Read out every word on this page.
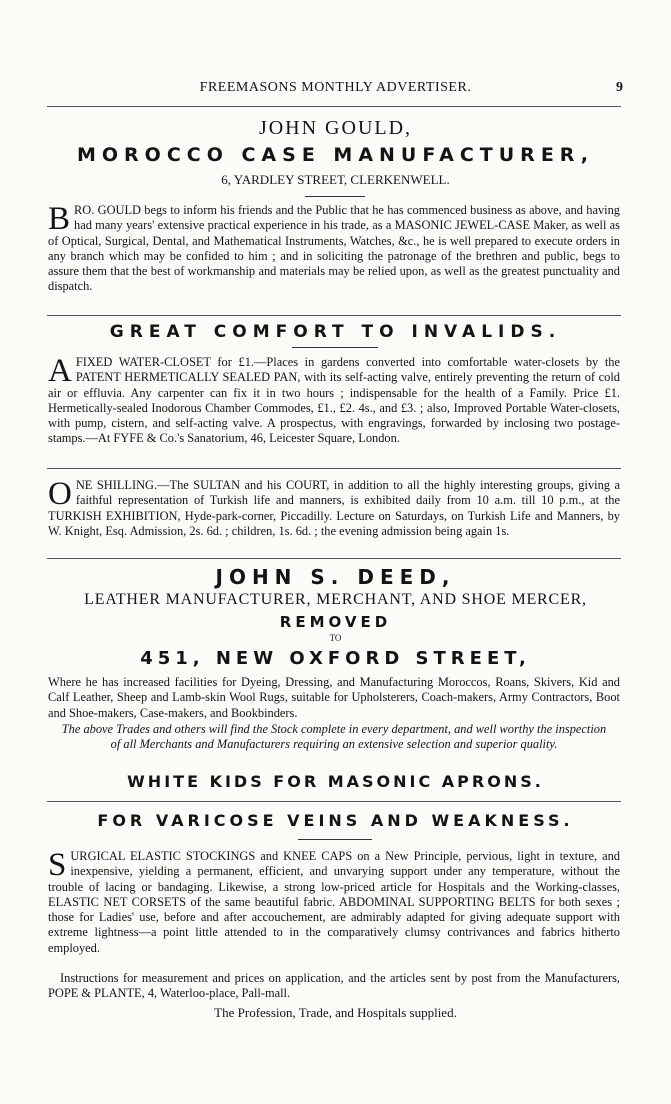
FREEMASONS MONTHLY ADVERTISER.	9
JOHN GOULD,
MOROCCO CASE MANUFACTURER,
6, YARDLEY STREET, CLERKENWELL.
BRO. GOULD begs to inform his friends and the Public that he has commenced business as above, and having had many years' extensive practical experience in his trade, as a MASONIC JEWEL-CASE Maker, as well as of Optical, Surgical, Dental, and Mathematical Instruments, Watches, &c., he is well prepared to execute orders in any branch which may be confided to him ; and in soliciting the patronage of the brethren and public, begs to assure them that the best of workmanship and materials may be relied upon, as well as the greatest punctuality and dispatch.
GREAT COMFORT TO INVALIDS.
AFIXED WATER-CLOSET for £1.—Places in gardens converted into comfortable water-closets by the PATENT HERMETICALLY SEALED PAN, with its self-acting valve, entirely preventing the return of cold air or effluvia. Any carpenter can fix it in two hours ; indispensable for the health of a Family. Price £1. Hermetically-sealed Inodorous Chamber Commodes, £1., £2. 4s., and £3. ; also, Improved Portable Water-closets, with pump, cistern, and self-acting valve. A prospectus, with engravings, forwarded by inclosing two postage-stamps.—At FYFE & Co.'s Sanatorium, 46, Leicester Square, London.
ONE SHILLING.—The SULTAN and his COURT, in addition to all the highly interesting groups, giving a faithful representation of Turkish life and manners, is exhibited daily from 10 a.m. till 10 p.m., at the TURKISH EXHIBITION, Hyde-park-corner, Piccadilly. Lecture on Saturdays, on Turkish Life and Manners, by W. Knight, Esq. Admission, 2s. 6d. ; children, 1s. 6d. ; the evening admission being again 1s.
JOHN S. DEED,
LEATHER MANUFACTURER, MERCHANT, AND SHOE MERCER,
REMOVED
TO
451, NEW OXFORD STREET,
Where he has increased facilities for Dyeing, Dressing, and Manufacturing Moroccos, Roans, Skivers, Kid and Calf Leather, Sheep and Lamb-skin Wool Rugs, suitable for Upholsterers, Coach-makers, Army Contractors, Boot and Shoe-makers, Case-makers, and Bookbinders.
The above Trades and others will find the Stock complete in every department, and well worthy the inspection of all Merchants and Manufacturers requiring an extensive selection and superior quality.
WHITE KIDS FOR MASONIC APRONS.
FOR VARICOSE VEINS AND WEAKNESS.
SURGICAL ELASTIC STOCKINGS and KNEE CAPS on a New Principle, pervious, light in texture, and inexpensive, yielding a permanent, efficient, and unvarying support under any temperature, without the trouble of lacing or bandaging. Likewise, a strong low-priced article for Hospitals and the Working-classes, ELASTIC NET CORSETS of the same beautiful fabric. ABDOMINAL SUPPORTING BELTS for both sexes ; those for Ladies' use, before and after accouchement, are admirably adapted for giving adequate support with extreme lightness—a point little attended to in the comparatively clumsy contrivances and fabrics hitherto employed.
Instructions for measurement and prices on application, and the articles sent by post from the Manufacturers, POPE & PLANTE, 4, Waterloo-place, Pall-mall.
The Profession, Trade, and Hospitals supplied.
